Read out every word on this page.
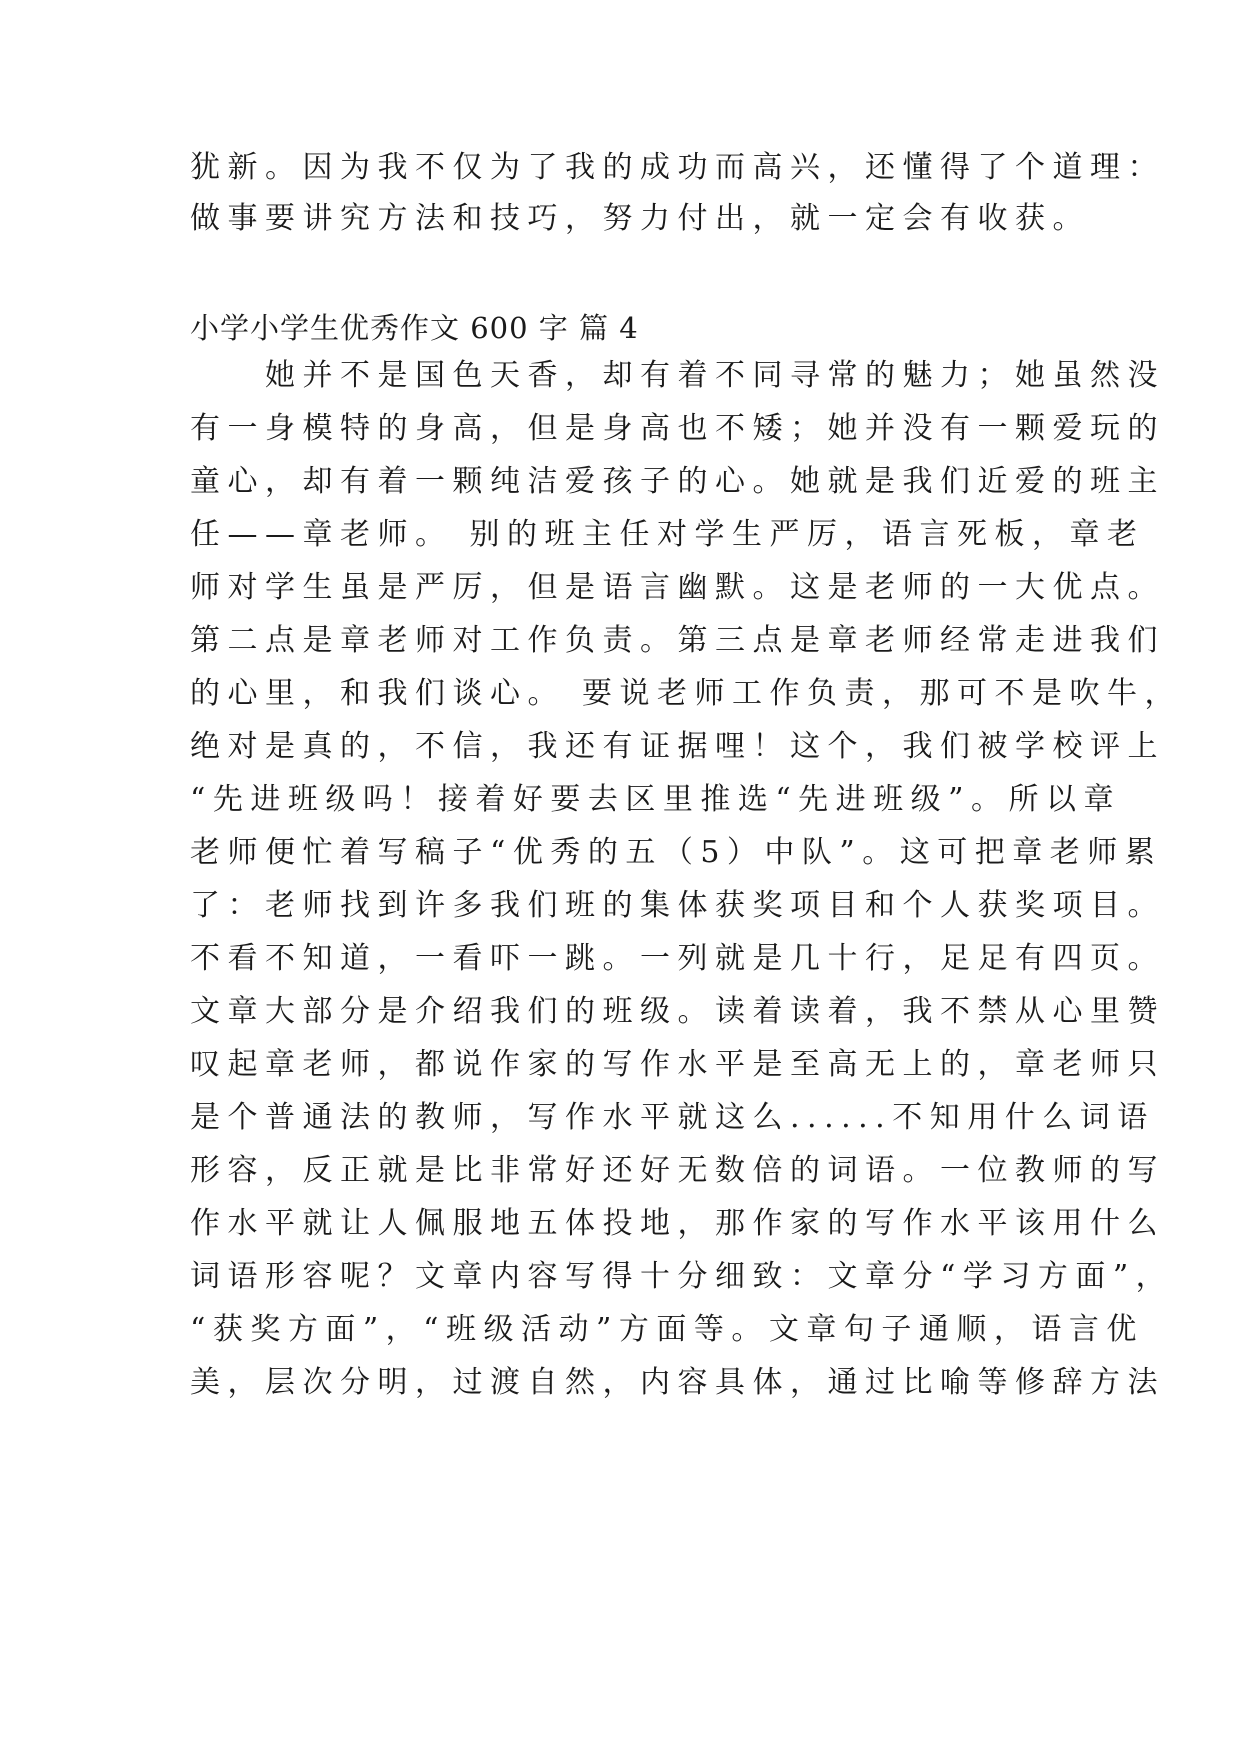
犹新。因为我不仅为了我的成功而高兴，还懂得了个道理：
做事要讲究方法和技巧，努力付出，就一定会有收获。
小学小学生优秀作文 600 字 篇 4
　　她并不是国色天香，却有着不同寻常的魅力；她虽然没
有一身模特的身高，但是身高也不矮；她并没有一颗爱玩的
童心，却有着一颗纯洁爱孩子的心。她就是我们近爱的班主
任——章老师。 别的班主任对学生严厉，语言死板，章老
师对学生虽是严厉，但是语言幽默。这是老师的一大优点。
第二点是章老师对工作负责。第三点是章老师经常走进我们
的心里，和我们谈心。 要说老师工作负责，那可不是吹牛，
绝对是真的，不信，我还有证据哩！这个，我们被学校评上
“先进班级吗！接着好要去区里推选“先进班级”。所以章
老师便忙着写稿子“优秀的五（5）中队”。这可把章老师累
了：老师找到许多我们班的集体获奖项目和个人获奖项目。
不看不知道，一看吓一跳。一列就是几十行，足足有四页。
文章大部分是介绍我们的班级。读着读着，我不禁从心里赞
叹起章老师，都说作家的写作水平是至高无上的，章老师只
是个普通法的教师，写作水平就这么......不知用什么词语
形容，反正就是比非常好还好无数倍的词语。一位教师的写
作水平就让人佩服地五体投地，那作家的写作水平该用什么
词语形容呢？文章内容写得十分细致：文章分“学习方面”，
“获奖方面”，“班级活动”方面等。文章句子通顺，语言优
美，层次分明，过渡自然，内容具体，通过比喻等修辞方法
